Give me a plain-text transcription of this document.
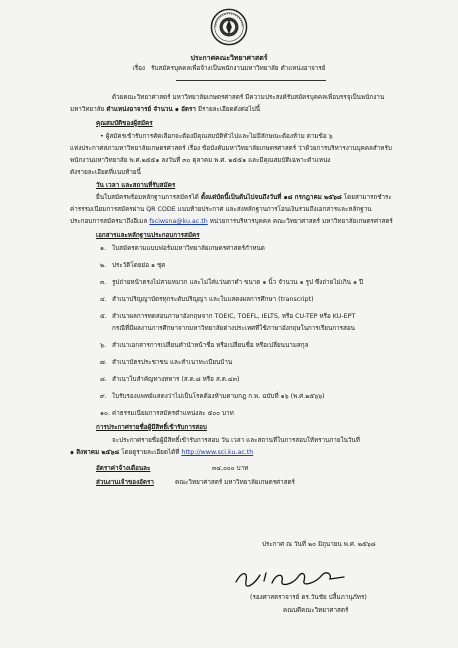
ประกาศคณะวิทยาศาสตร์
เรื่อง รับสมัครบุคคลเพื่อจ้างเป็นพนักงานมหาวิทยาลัย ตำแหน่งอาจารย์
ด้วยคณะวิทยาศาสตร์ มหาวิทยาลัยเกษตรศาสตร์ มีความประสงค์รับสมัครบุคคลเพื่อบรรจุเป็นพนักงาน
มหาวิทยาลัย ตำแหน่งอาจารย์ จำนวน ๑ อัตรา มีรายละเอียดดังต่อไปนี้
คุณสมบัติของผู้สมัคร
• ผู้สมัครเข้ารับการคัดเลือกจะต้องมีคุณสมบัติทั่วไปและไม่มีลักษณะต้องห้าม ตามข้อ ๖
แห่งประกาศสภามหาวิทยาลัยเกษตรศาสตร์ เรื่อง ข้อบังคับมหาวิทยาลัยเกษตรศาสตร์ ว่าด้วยการบริหารงานบุคคลสำหรับ
พนักงานมหาวิทยาลัย พ.ศ.๒๕๕๑ ลงวันที่ ๓๐ ตุลาคม พ.ศ. ๒๕๕๑ และมีคุณสมบัติเฉพาะตำแหน่ง
ดังรายละเอียดที่แนบท้ายนี้
วัน เวลา และสถานที่รับสมัคร
ยื่นใบสมัครพร้อมหลักฐานการสมัครได้ ตั้งแต่บัดนี้เป็นต้นไปจนถึงวันที่ ๑๘ กรกฎาคม ๒๕๖๘ โดยสามารถชำระ
ค่ารรรมเนียมการสมัครผ่าน QR CODE แนบท้ายประกาศ และส่งหลักฐานการโอนเงินรวมถึงเอกสารและหลักฐาน
ประกอบการสมัครมาถึงอีเมล fsciwsna@ku.ac.th หน่วยการบริหารบุคคล คณะวิทยาศาสตร์ มหาวิทยาลัยเกษตรศาสตร์
เอกสารและหลักฐานประกอบการสมัคร
๑. ใบสมัครตามแบบฟอร์มมหาวิทยาลัยเกษตรศาสตร์กำหนด
๒. ประวัติโดยย่อ ๑ ชุด
๓. รูปถ่ายหน้าตรงไม่สวมหมวก และไม่ใส่แว่นตาดำ ขนาด ๑ นิ้ว จำนวน ๑ รูป ซึ่งถ่ายไม่เกิน ๑ ปี
๔. สำเนาปริญญาบัตรทุกระดับปริญญา และใบแสดงผลการศึกษา (transcript)
๕. สำเนาผลการทดสอบภาษาอังกฤษจาก TOEIC, TOEFL, IELTS, หรือ CU-TEP หรือ KU-EPT
กรณีที่มีผลงานการศึกษาจากมหาวิทยาลัยต่างประเทศที่ใช้ภาษาอังกฤษในการเรียนการสอน
๖. สำเนาเอกสารการเปลี่ยนคำนำหน้าชื่อ หรือเปลี่ยนชื่อ หรือเปลี่ยนนามสกุล
๗. สำเนาบัตรประชาชน และสำเนาทะเบียนบ้าน
๘. สำเนาใบสำคัญทางทหาร (ส.ด.๘ หรือ ส.ด.๔๓)
๙. ใบรับรองแพทย์แสดงว่าไม่เป็นโรคต้องห้ามตามกฎ ก.พ. ฉบับที่ ๑๖ (พ.ศ.๒๕๖๖)
๑๐. ค่าธรรมเนียมการสมัครตำแหน่งละ ๕๐๐ บาท
การประกาศรายชื่อผู้มีสิทธิ์เข้ารับการสอบ
จะประกาศรายชื่อผู้มีสิทธิ์เข้ารับการสอบ วัน เวลา และสถานที่ในการสอบให้ทราบภายในวันที่
๑ สิงหาคม ๒๕๖๘ โดยดูรายละเอียดได้ที่ http://www.sci.ku.ac.th
อัตราค่าจ้างเดือนละ	๓๔,๐๐๐ บาท
ส่วนงานเจ้าของอัตรา	คณะวิทยาศาสตร์ มหาวิทยาลัยเกษตรศาสตร์
ประกาศ ณ วันที่ ๒๐ มิถุนายน พ.ศ. ๒๕๖๘
(รองศาสตราจารย์ ดร.วันชัย ปลื้มภานุภัทร)
คณบดีคณะวิทยาศาสตร์
